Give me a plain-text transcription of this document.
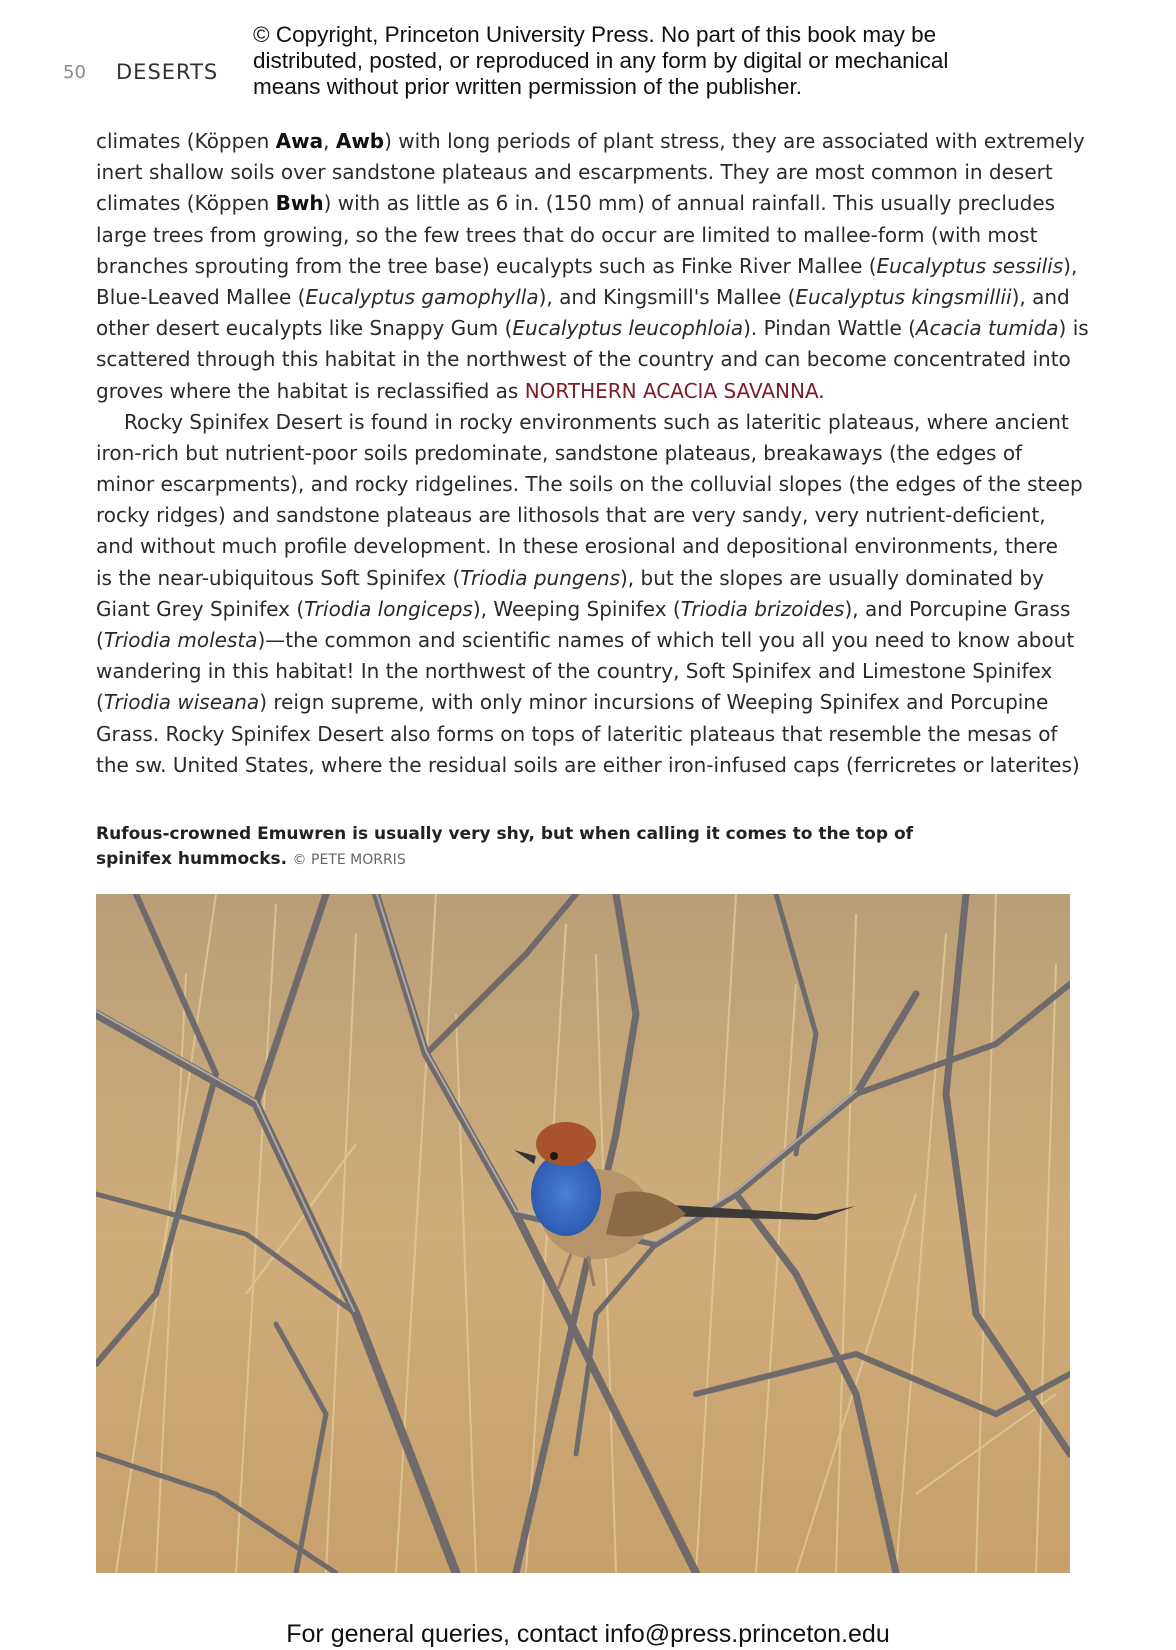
© Copyright, Princeton University Press. No part of this book may be
distributed, posted, or reproduced in any form by digital or mechanical
means without prior written permission of the publisher.
50 DESERTS
climates (Köppen Awa, Awb) with long periods of plant stress, they are associated with extremely
inert shallow soils over sandstone plateaus and escarpments. They are most common in desert
climates (Köppen Bwh) with as little as 6 in. (150 mm) of annual rainfall. This usually precludes
large trees from growing, so the few trees that do occur are limited to mallee-form (with most
branches sprouting from the tree base) eucalypts such as Finke River Mallee (Eucalyptus sessilis),
Blue-Leaved Mallee (Eucalyptus gamophylla), and Kingsmill's Mallee (Eucalyptus kingsmillii), and
other desert eucalypts like Snappy Gum (Eucalyptus leucophloia). Pindan Wattle (Acacia tumida) is
scattered through this habitat in the northwest of the country and can become concentrated into
groves where the habitat is reclassified as NORTHERN ACACIA SAVANNA.
Rocky Spinifex Desert is found in rocky environments such as lateritic plateaus, where ancient
iron-rich but nutrient-poor soils predominate, sandstone plateaus, breakaways (the edges of
minor escarpments), and rocky ridgelines. The soils on the colluvial slopes (the edges of the steep
rocky ridges) and sandstone plateaus are lithosols that are very sandy, very nutrient-deficient,
and without much profile development. In these erosional and depositional environments, there
is the near-ubiquitous Soft Spinifex (Triodia pungens), but the slopes are usually dominated by
Giant Grey Spinifex (Triodia longiceps), Weeping Spinifex (Triodia brizoides), and Porcupine Grass
(Triodia molesta)—the common and scientific names of which tell you all you need to know about
wandering in this habitat! In the northwest of the country, Soft Spinifex and Limestone Spinifex
(Triodia wiseana) reign supreme, with only minor incursions of Weeping Spinifex and Porcupine
Grass. Rocky Spinifex Desert also forms on tops of lateritic plateaus that resemble the mesas of
the sw. United States, where the residual soils are either iron-infused caps (ferricretes or laterites)
Rufous-crowned Emuwren is usually very shy, but when calling it comes to the top of
spinifex hummocks. © PETE MORRIS
For general queries, contact info@press.princeton.edu
